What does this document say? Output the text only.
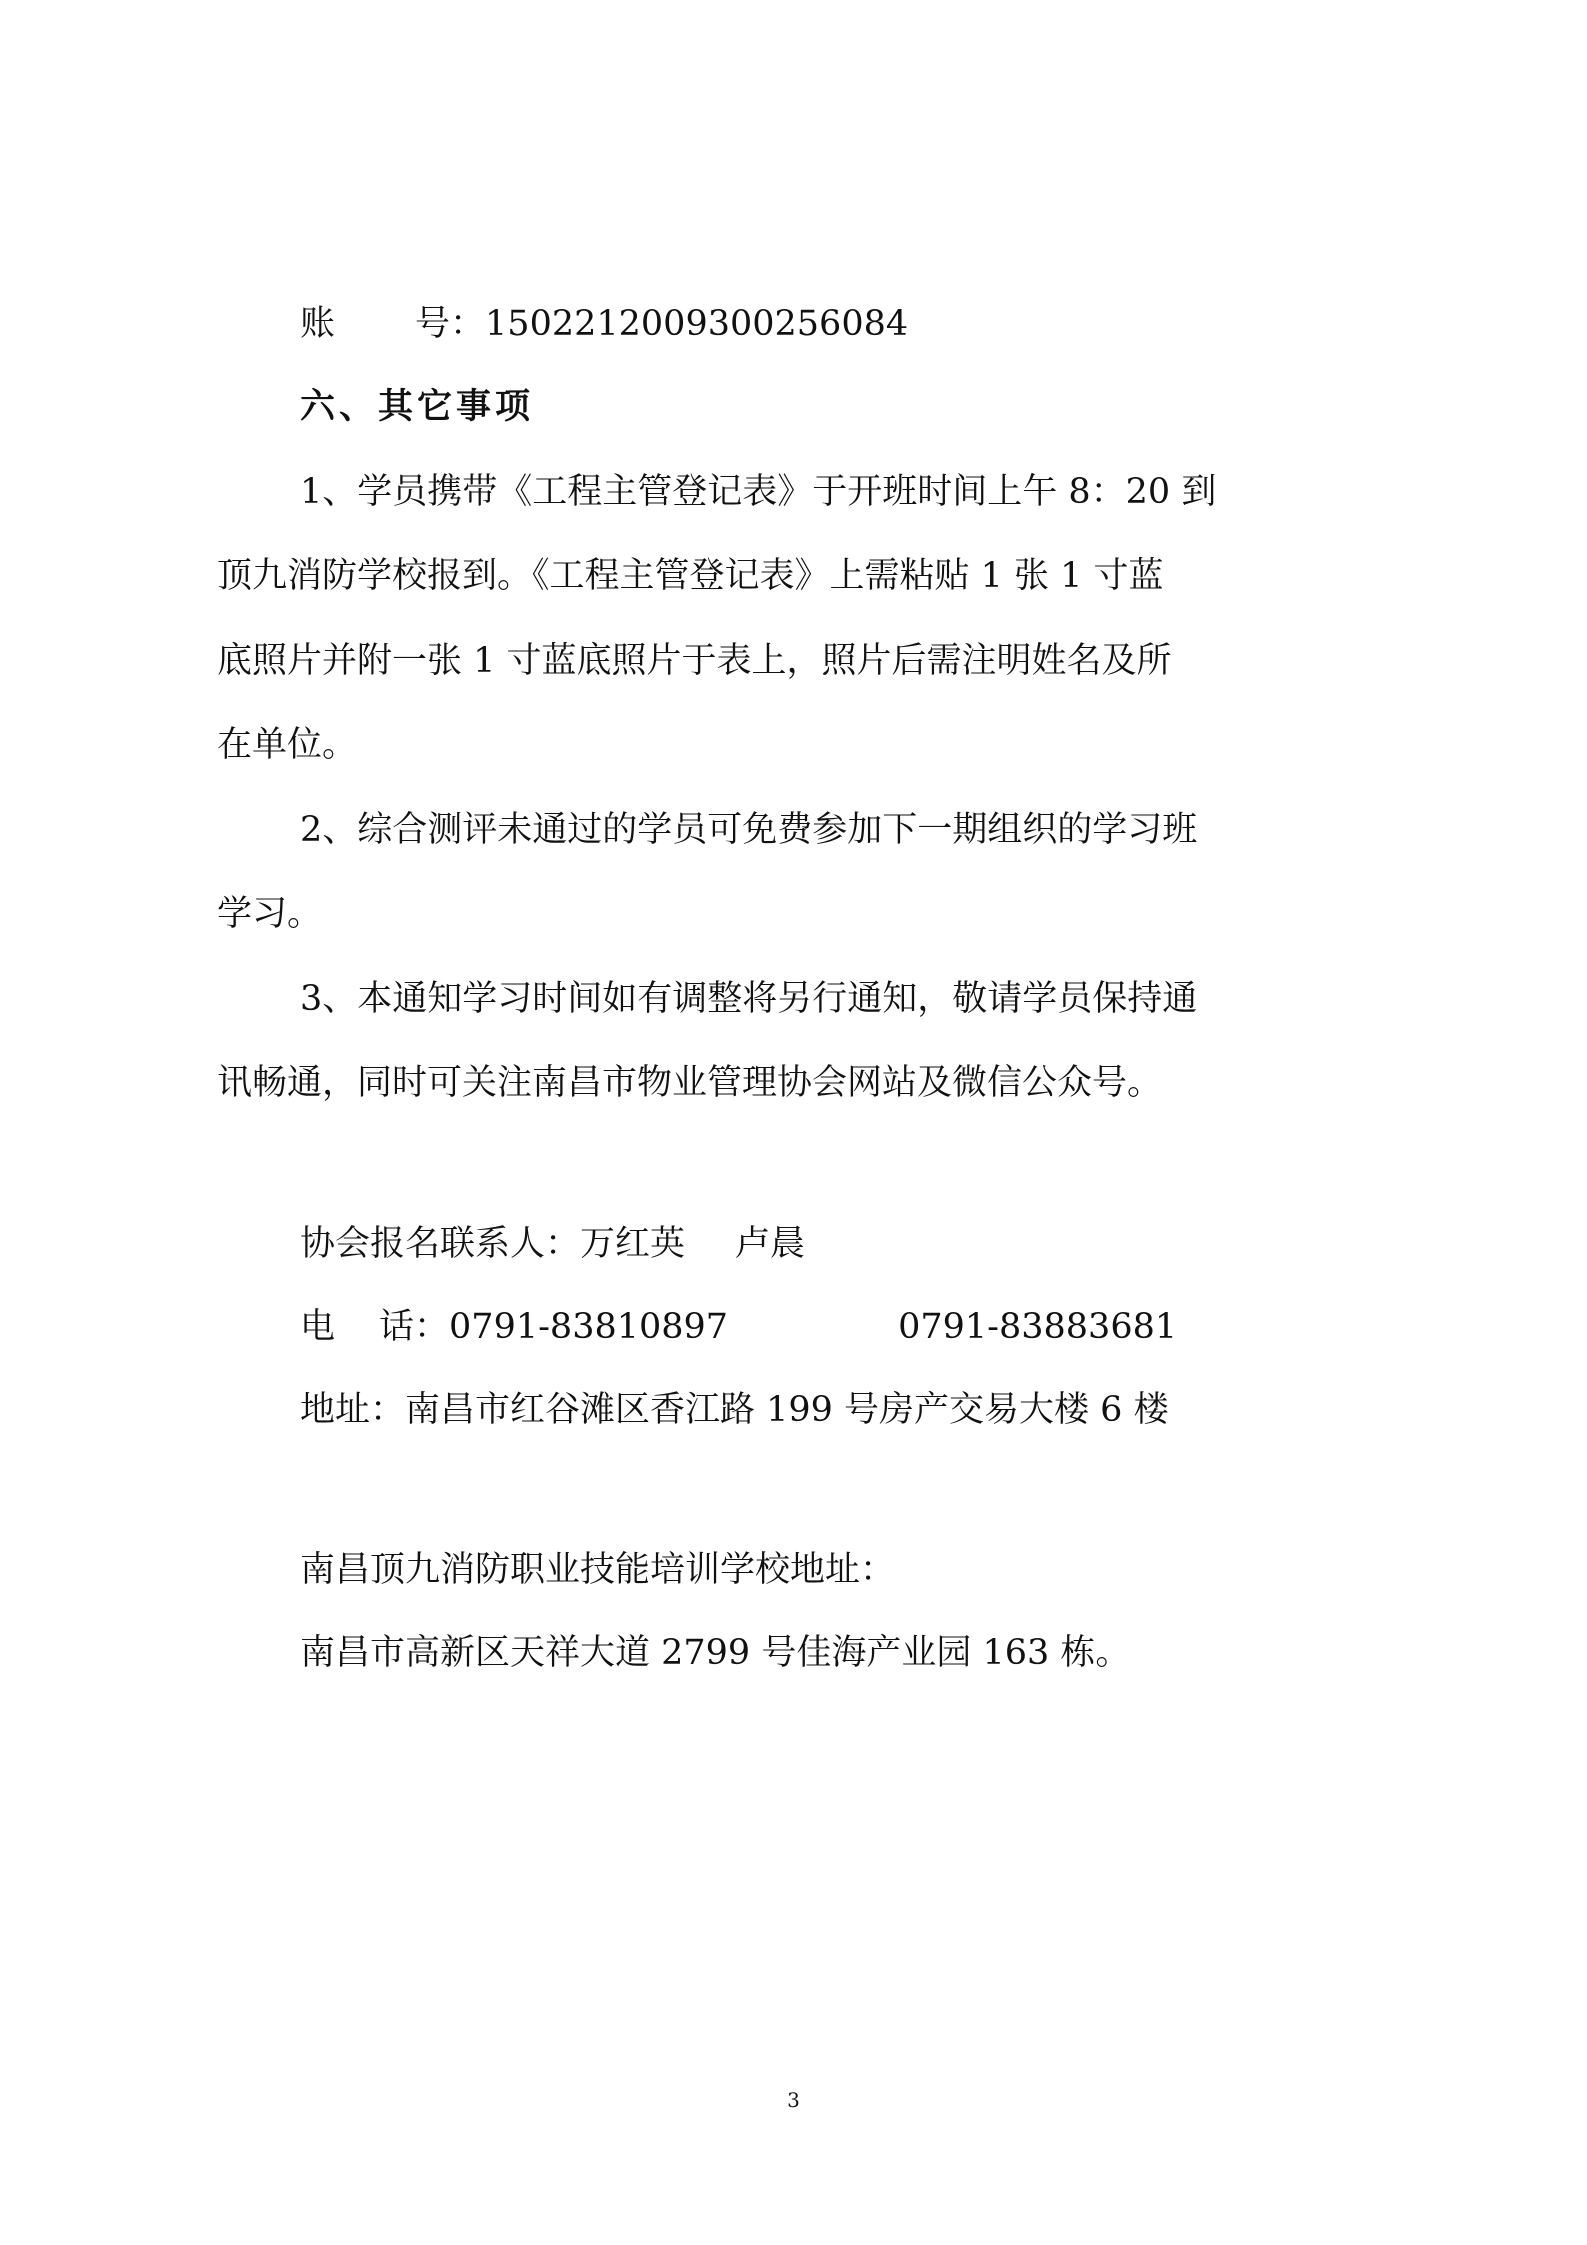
账 号：1502212009300256084
六、其它事项
1、学员携带《工程主管登记表》于开班时间上午 8：20 到
顶九消防学校报到。《工程主管登记表》上需粘贴 1 张 1 寸蓝
底照片并附一张 1 寸蓝底照片于表上，照片后需注明姓名及所
在单位。
2、综合测评未通过的学员可免费参加下一期组织的学习班
学习。
3、本通知学习时间如有调整将另行通知，敬请学员保持通
讯畅通，同时可关注南昌市物业管理协会网站及微信公众号。
协会报名联系人：万红英 卢晨
电 话：0791-83810897	0791-83883681
地址：南昌市红谷滩区香江路 199 号房产交易大楼 6 楼
南昌顶九消防职业技能培训学校地址：
南昌市高新区天祥大道 2799 号佳海产业园 163 栋。
3
